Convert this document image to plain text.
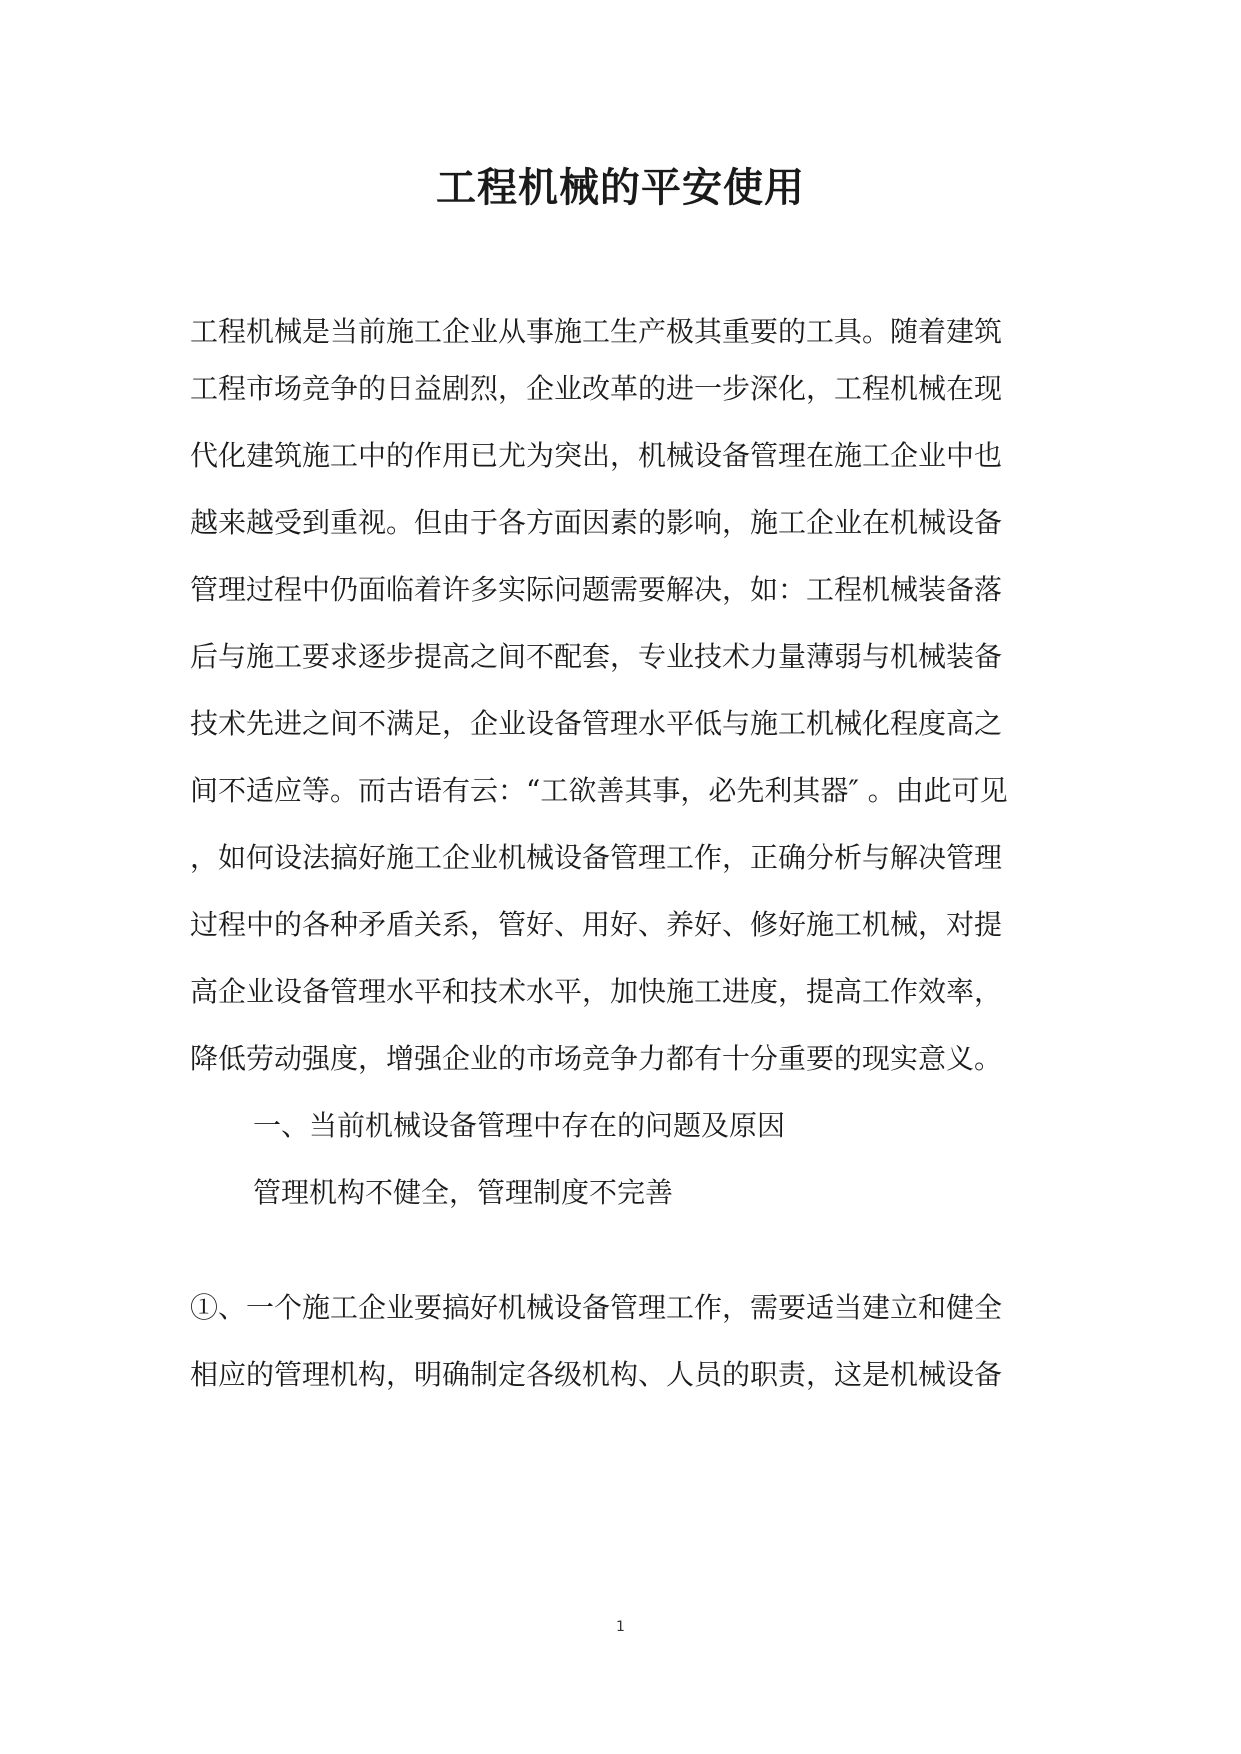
工程机械的平安使用

工程机械是当前施工企业从事施工生产极其重要的工具。随着建筑

工程市场竞争的日益剧烈，企业改革的进一步深化，工程机械在现

代化建筑施工中的作用已尤为突出，机械设备管理在施工企业中也

越来越受到重视。但由于各方面因素的影响，施工企业在机械设备

管理过程中仍面临着许多实际问题需要解决，如：工程机械装备落

后与施工要求逐步提高之间不配套，专业技术力量薄弱与机械装备

技术先进之间不满足，企业设备管理水平低与施工机械化程度高之

间不适应等。而古语有云：“工欲善其事，必先利其器″ 。由此可见

，如何设法搞好施工企业机械设备管理工作，正确分析与解决管理

过程中的各种矛盾关系，管好、用好、养好、修好施工机械，对提

高企业设备管理水平和技术水平，加快施工进度，提高工作效率，

降低劳动强度，增强企业的市场竞争力都有十分重要的现实意义。

一、当前机械设备管理中存在的问题及原因

管理机构不健全，管理制度不完善

①、一个施工企业要搞好机械设备管理工作，需要适当建立和健全

相应的管理机构，明确制定各级机构、人员的职责，这是机械设备

1
